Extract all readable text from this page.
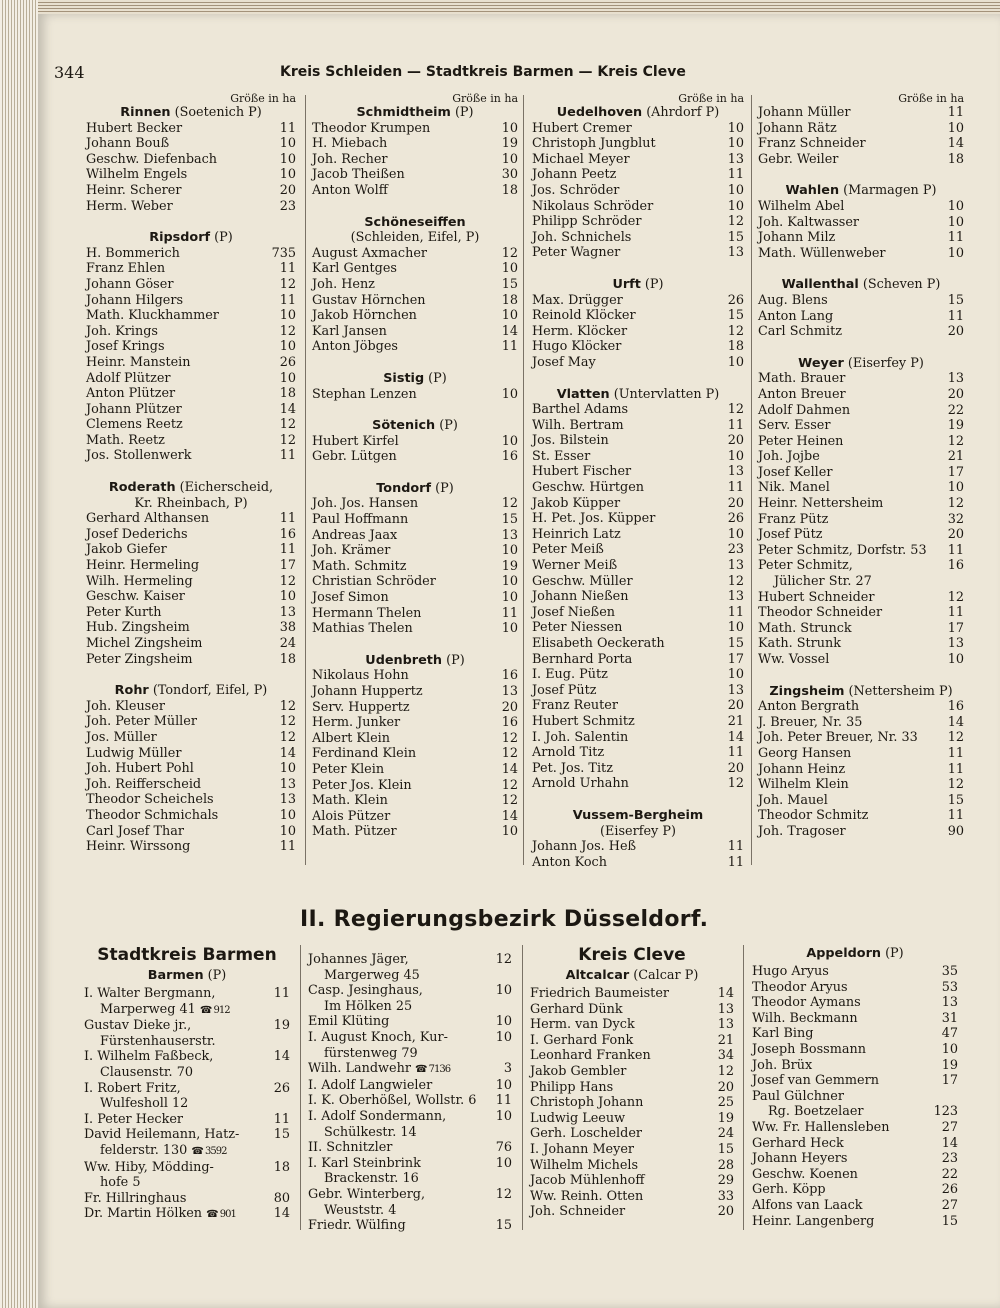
344	Kreis Schleiden — Stadtkreis Barmen — Kreis Cleve
Größe in ha
Rinnen (Soetenich P)
Hubert Becker	11
Johann Bouß	10
Geschw. Diefenbach	10
Wilhelm Engels	10
Heinr. Scherer	20
Herm. Weber	23
Ripsdorf (P)
H. Bommerich	735
Franz Ehlen	11
Johann Göser	12
Johann Hilgers	11
Math. Kluckhammer	10
Joh. Krings	12
Josef Krings	10
Heinr. Manstein	26
Adolf Plützer	10
Anton Plützer	18
Johann Plützer	14
Clemens Reetz	12
Math. Reetz	12
Jos. Stollenwerk	11
Roderath (Eicherscheid,
Kr. Rheinbach, P)
Gerhard Althansen	11
Josef Dederichs	16
Jakob Giefer	11
Heinr. Hermeling	17
Wilh. Hermeling	12
Geschw. Kaiser	10
Peter Kurth	13
Hub. Zingsheim	38
Michel Zingsheim	24
Peter Zingsheim	18
Rohr (Tondorf, Eifel, P)
Joh. Kleuser	12
Joh. Peter Müller	12
Jos. Müller	12
Ludwig Müller	14
Joh. Hubert Pohl	10
Joh. Reifferscheid	13
Theodor Scheichels	13
Theodor Schmichals	10
Carl Josef Thar	10
Heinr. Wirssong	11
Größe in ha
Schmidtheim (P)
Theodor Krumpen	10
H. Miebach	19
Joh. Recher	10
Jacob Theißen	30
Anton Wolff	18
Schöneseiffen
(Schleiden, Eifel, P)
August Axmacher	12
Karl Gentges	10
Joh. Henz	15
Gustav Hörnchen	18
Jakob Hörnchen	10
Karl Jansen	14
Anton Jöbges	11
Sistig (P)
Stephan Lenzen	10
Sötenich (P)
Hubert Kirfel	10
Gebr. Lütgen	16
Tondorf (P)
Joh. Jos. Hansen	12
Paul Hoffmann	15
Andreas Jaax	13
Joh. Krämer	10
Math. Schmitz	19
Christian Schröder	10
Josef Simon	10
Hermann Thelen	11
Mathias Thelen	10
Udenbreth (P)
Nikolaus Hohn	16
Johann Huppertz	13
Serv. Huppertz	20
Herm. Junker	16
Albert Klein	12
Ferdinand Klein	12
Peter Klein	14
Peter Jos. Klein	12
Math. Klein	12
Alois Pützer	14
Math. Pützer	10
Größe in ha
Uedelhoven (Ahrdorf P)
Hubert Cremer	10
Christoph Jungblut	10
Michael Meyer	13
Johann Peetz	11
Jos. Schröder	10
Nikolaus Schröder	10
Philipp Schröder	12
Joh. Schnichels	15
Peter Wagner	13
Urft (P)
Max. Drügger	26
Reinold Klöcker	15
Herm. Klöcker	12
Hugo Klöcker	18
Josef May	10
Vlatten (Untervlatten P)
Barthel Adams	12
Wilh. Bertram	11
Jos. Bilstein	20
St. Esser	10
Hubert Fischer	13
Geschw. Hürtgen	11
Jakob Küpper	20
H. Pet. Jos. Küpper	26
Heinrich Latz	10
Peter Meiß	23
Werner Meiß	13
Geschw. Müller	12
Johann Nießen	13
Josef Nießen	11
Peter Niessen	10
Elisabeth Oeckerath	15
Bernhard Porta	17
I. Eug. Pütz	10
Josef Pütz	13
Franz Reuter	20
Hubert Schmitz	21
I. Joh. Salentin	14
Arnold Titz	11
Pet. Jos. Titz	20
Arnold Urhahn	12
Vussem-Bergheim
(Eiserfey P)
Johann Jos. Heß	11
Anton Koch	11
Größe in ha
Johann Müller	11
Johann Rätz	10
Franz Schneider	14
Gebr. Weiler	18
Wahlen (Marmagen P)
Wilhelm Abel	10
Joh. Kaltwasser	10
Johann Milz	11
Math. Wüllenweber	10
Wallenthal (Scheven P)
Aug. Blens	15
Anton Lang	11
Carl Schmitz	20
Weyer (Eiserfey P)
Math. Brauer	13
Anton Breuer	20
Adolf Dahmen	22
Serv. Esser	19
Peter Heinen	12
Joh. Jojbe	21
Josef Keller	17
Nik. Manel	10
Heinr. Nettersheim	12
Franz Pütz	32
Josef Pütz	20
Peter Schmitz, Dorfstr. 53 11
Peter Schmitz,	16
Jülicher Str. 27
Hubert Schneider	12
Theodor Schneider	11
Math. Strunck	17
Kath. Strunk	13
Ww. Vossel	10
Zingsheim (Nettersheim P)
Anton Bergrath	16
J. Breuer, Nr. 35	14
Joh. Peter Breuer, Nr. 33 12
Georg Hansen	11
Johann Heinz	11
Wilhelm Klein	12
Joh. Mauel	15
Theodor Schmitz	11
Joh. Tragoser	90
II. Regierungsbezirk Düsseldorf.
Stadtkreis Barmen
Barmen (P)
I. Walter Bergmann,	11
Marperweg 41 ☎ 912
Gustav Dieke jr.,	19
Fürstenhauserstr.
I. Wilhelm Faßbeck,	14
Clausenstr. 70
I. Robert Fritz,	26
Wulfesholl 12
I. Peter Hecker	11
David Heilemann, Hatz-	15
felderstr. 130 ☎ 3592
Ww. Hiby, Mödding-	18
hofe 5
Fr. Hillringhaus	80
Dr. Martin Hölken ☎ 901	14
Johannes Jäger,	12
Margerweg 45
Casp. Jesinghaus,	10
Im Hölken 25
Emil Klüting	10
I. August Knoch, Kur-	10
fürstenweg 79
Wilh. Landwehr ☎ 7136	3
I. Adolf Langwieler	10
I. K. Oberhößel, Wollstr. 6 11
I. Adolf Sondermann,	10
Schülkestr. 14
II. Schnitzler	76
I. Karl Steinbrink	10
Brackenstr. 16
Gebr. Winterberg,	12
Weuststr. 4
Friedr. Wülfing	15
Kreis Cleve
Altcalcar (Calcar P)
Friedrich Baumeister	14
Gerhard Dünk	13
Herm. van Dyck	13
I. Gerhard Fonk	21
Leonhard Franken	34
Jakob Gembler	12
Philipp Hans	20
Christoph Johann	25
Ludwig Leeuw	19
Gerh. Loschelder	24
I. Johann Meyer	15
Wilhelm Michels	28
Jacob Mühlenhoff	29
Ww. Reinh. Otten	33
Joh. Schneider	20
Appeldorn (P)
Hugo Aryus	35
Theodor Aryus	53
Theodor Aymans	13
Wilh. Beckmann	31
Karl Bing	47
Joseph Bossmann	10
Joh. Brüx	19
Josef van Gemmern	17
Paul Gülchner
Rg. Boetzelaer	123
Ww. Fr. Hallensleben	27
Gerhard Heck	14
Johann Heyers	23
Geschw. Koenen	22
Gerh. Köpp	26
Alfons van Laack	27
Heinr. Langenberg	15
